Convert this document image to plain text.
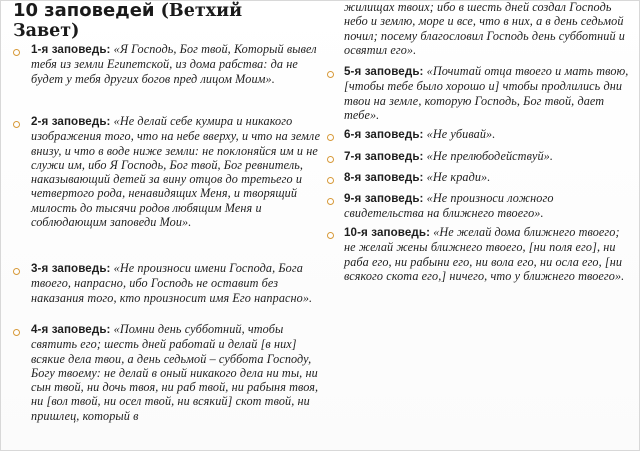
10 заповедей (Ветхий Завет)

1-я заповедь: «Я Господь, Бог твой, Который вывел тебя из земли Египетской, из дома рабства: да не будет у тебя других богов пред лицом Моим».

2-я заповедь: «Не делай себе кумира и никакого изображения того, что на небе вверху, и что на земле внизу, и что в воде ниже земли: не поклоняйся им и не служи им, ибо Я Господь, Бог твой, Бог ревнитель, наказывающий детей за вину отцов до третьего и четвертого рода, ненавидящих Меня, и творящий милость до тысячи родов любящим Меня и соблюдающим заповеди Мои».

3-я заповедь: «Не произноси имени Господа, Бога твоего, напрасно, ибо Господь не оставит без наказания того, кто произносит имя Его напрасно».

4-я заповедь: «Помни день субботний, чтобы святить его; шесть дней работай и делай [в них] всякие дела твои, а день седьмой – суббота Господу, Богу твоему: не делай в оный никакого дела ни ты, ни сын твой, ни дочь твоя, ни раб твой, ни рабыня твоя, ни [вол твой, ни осел твой, ни всякий] скот твой, ни пришлец, который в

жилищах твоих; ибо в шесть дней создал Господь небо и землю, море и все, что в них, а в день седьмой почил; посему благословил Господь день субботний и освятил его».

5-я заповедь: «Почитай отца твоего и мать твою, [чтобы тебе было хорошо и] чтобы продлились дни твои на земле, которую Господь, Бог твой, дает тебе».

6-я заповедь: «Не убивай».

7-я заповедь: «Не прелюбодействуй».

8-я заповедь: «Не кради».

9-я заповедь: «Не произноси ложного свидетельства на ближнего твоего».

10-я заповедь: «Не желай дома ближнего твоего; не желай жены ближнего твоего, [ни поля его], ни раба его, ни рабыни его, ни вола его, ни осла его, [ни всякого скота его,] ничего, что у ближнего твоего».
